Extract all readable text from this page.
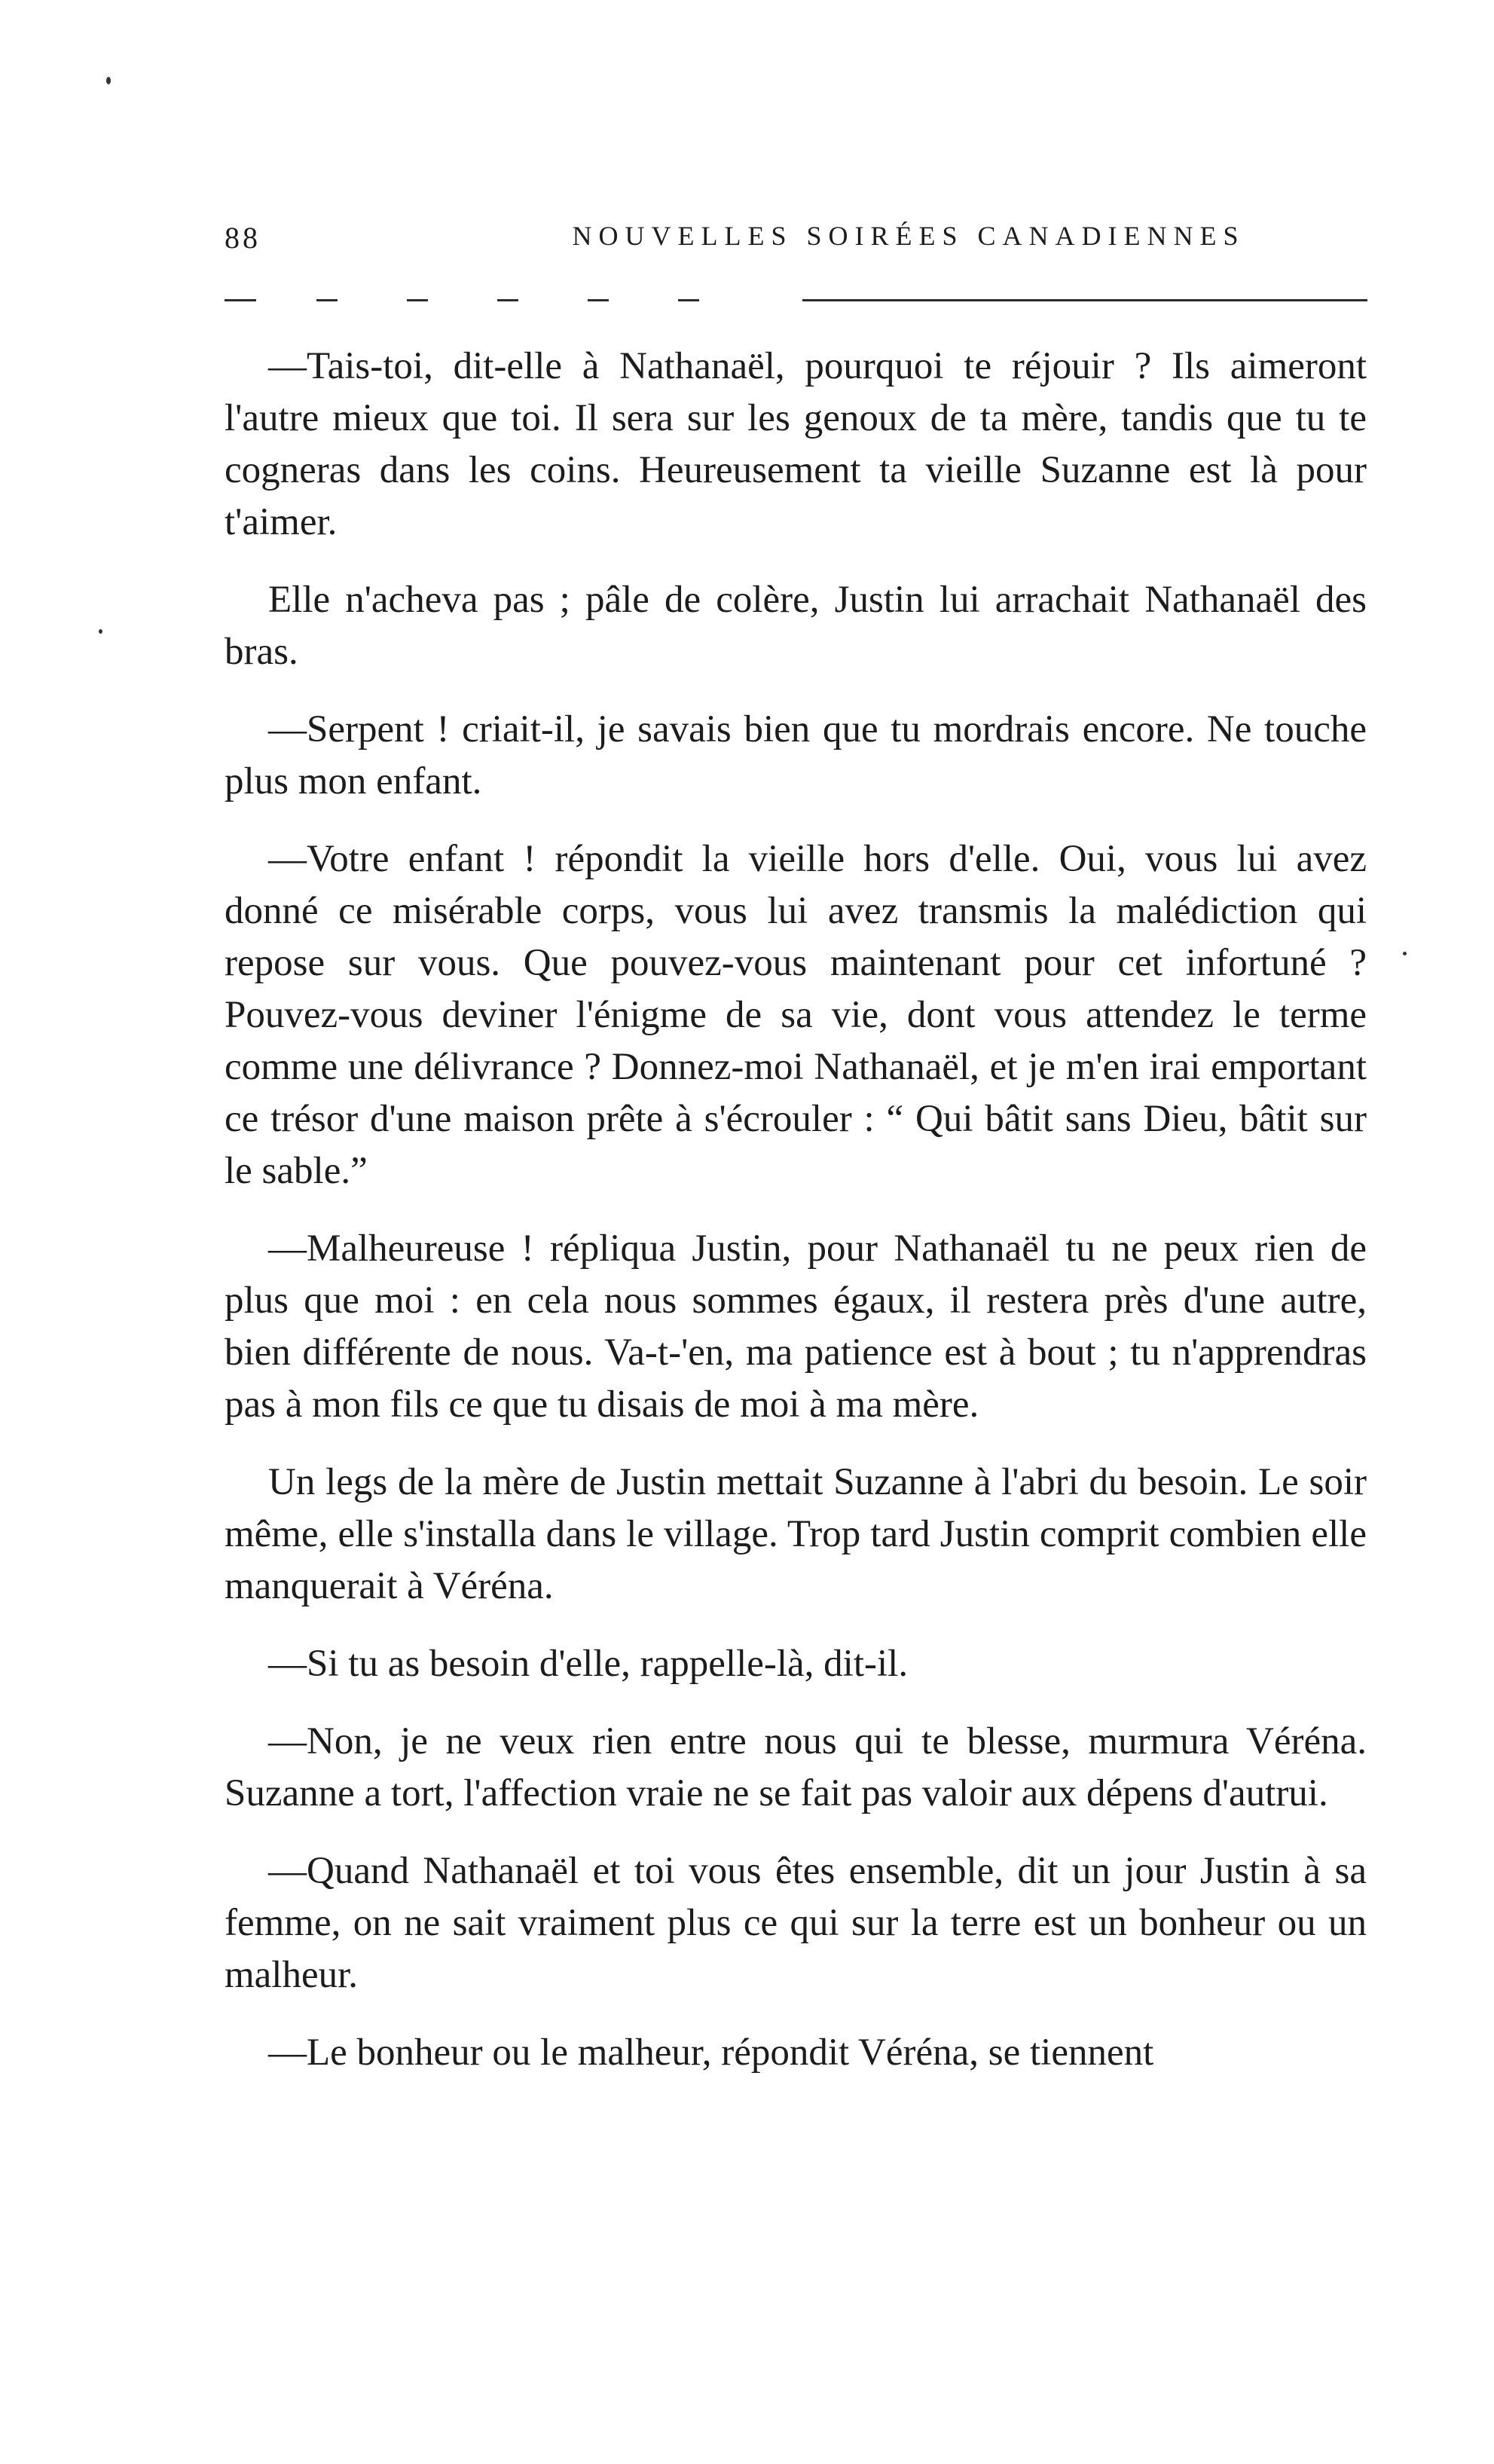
88	NOUVELLES SOIRÉES CANADIENNES

—Tais-toi, dit-elle à Nathanaël, pourquoi te réjouir ? Ils aimeront l'autre mieux que toi. Il sera sur les genoux de ta mère, tandis que tu te cogneras dans les coins. Heureusement ta vieille Suzanne est là pour t'aimer.

Elle n'acheva pas ; pâle de colère, Justin lui arrachait Nathanaël des bras.

—Serpent ! criait-il, je savais bien que tu mordrais encore. Ne touche plus mon enfant.

—Votre enfant ! répondit la vieille hors d'elle. Oui, vous lui avez donné ce misérable corps, vous lui avez transmis la malédiction qui repose sur vous. Que pouvez-vous maintenant pour cet infortuné ? Pouvez-vous deviner l'énigme de sa vie, dont vous attendez le terme comme une délivrance ? Donnez-moi Nathanaël, et je m'en irai emportant ce trésor d'une maison prête à s'écrouler : “ Qui bâtit sans Dieu, bâtit sur le sable.”

—Malheureuse ! répliqua Justin, pour Nathanaël tu ne peux rien de plus que moi : en cela nous sommes égaux, il restera près d'une autre, bien différente de nous. Va-t-'en, ma patience est à bout ; tu n'apprendras pas à mon fils ce que tu disais de moi à ma mère.

Un legs de la mère de Justin mettait Suzanne à l'abri du besoin. Le soir même, elle s'installa dans le village. Trop tard Justin comprit combien elle manquerait à Véréna.

—Si tu as besoin d'elle, rappelle-là, dit-il.

—Non, je ne veux rien entre nous qui te blesse, murmura Véréna. Suzanne a tort, l'affection vraie ne se fait pas valoir aux dépens d'autrui.

—Quand Nathanaël et toi vous êtes ensemble, dit un jour Justin à sa femme, on ne sait vraiment plus ce qui sur la terre est un bonheur ou un malheur.

—Le bonheur ou le malheur, répondit Véréna, se tiennent
